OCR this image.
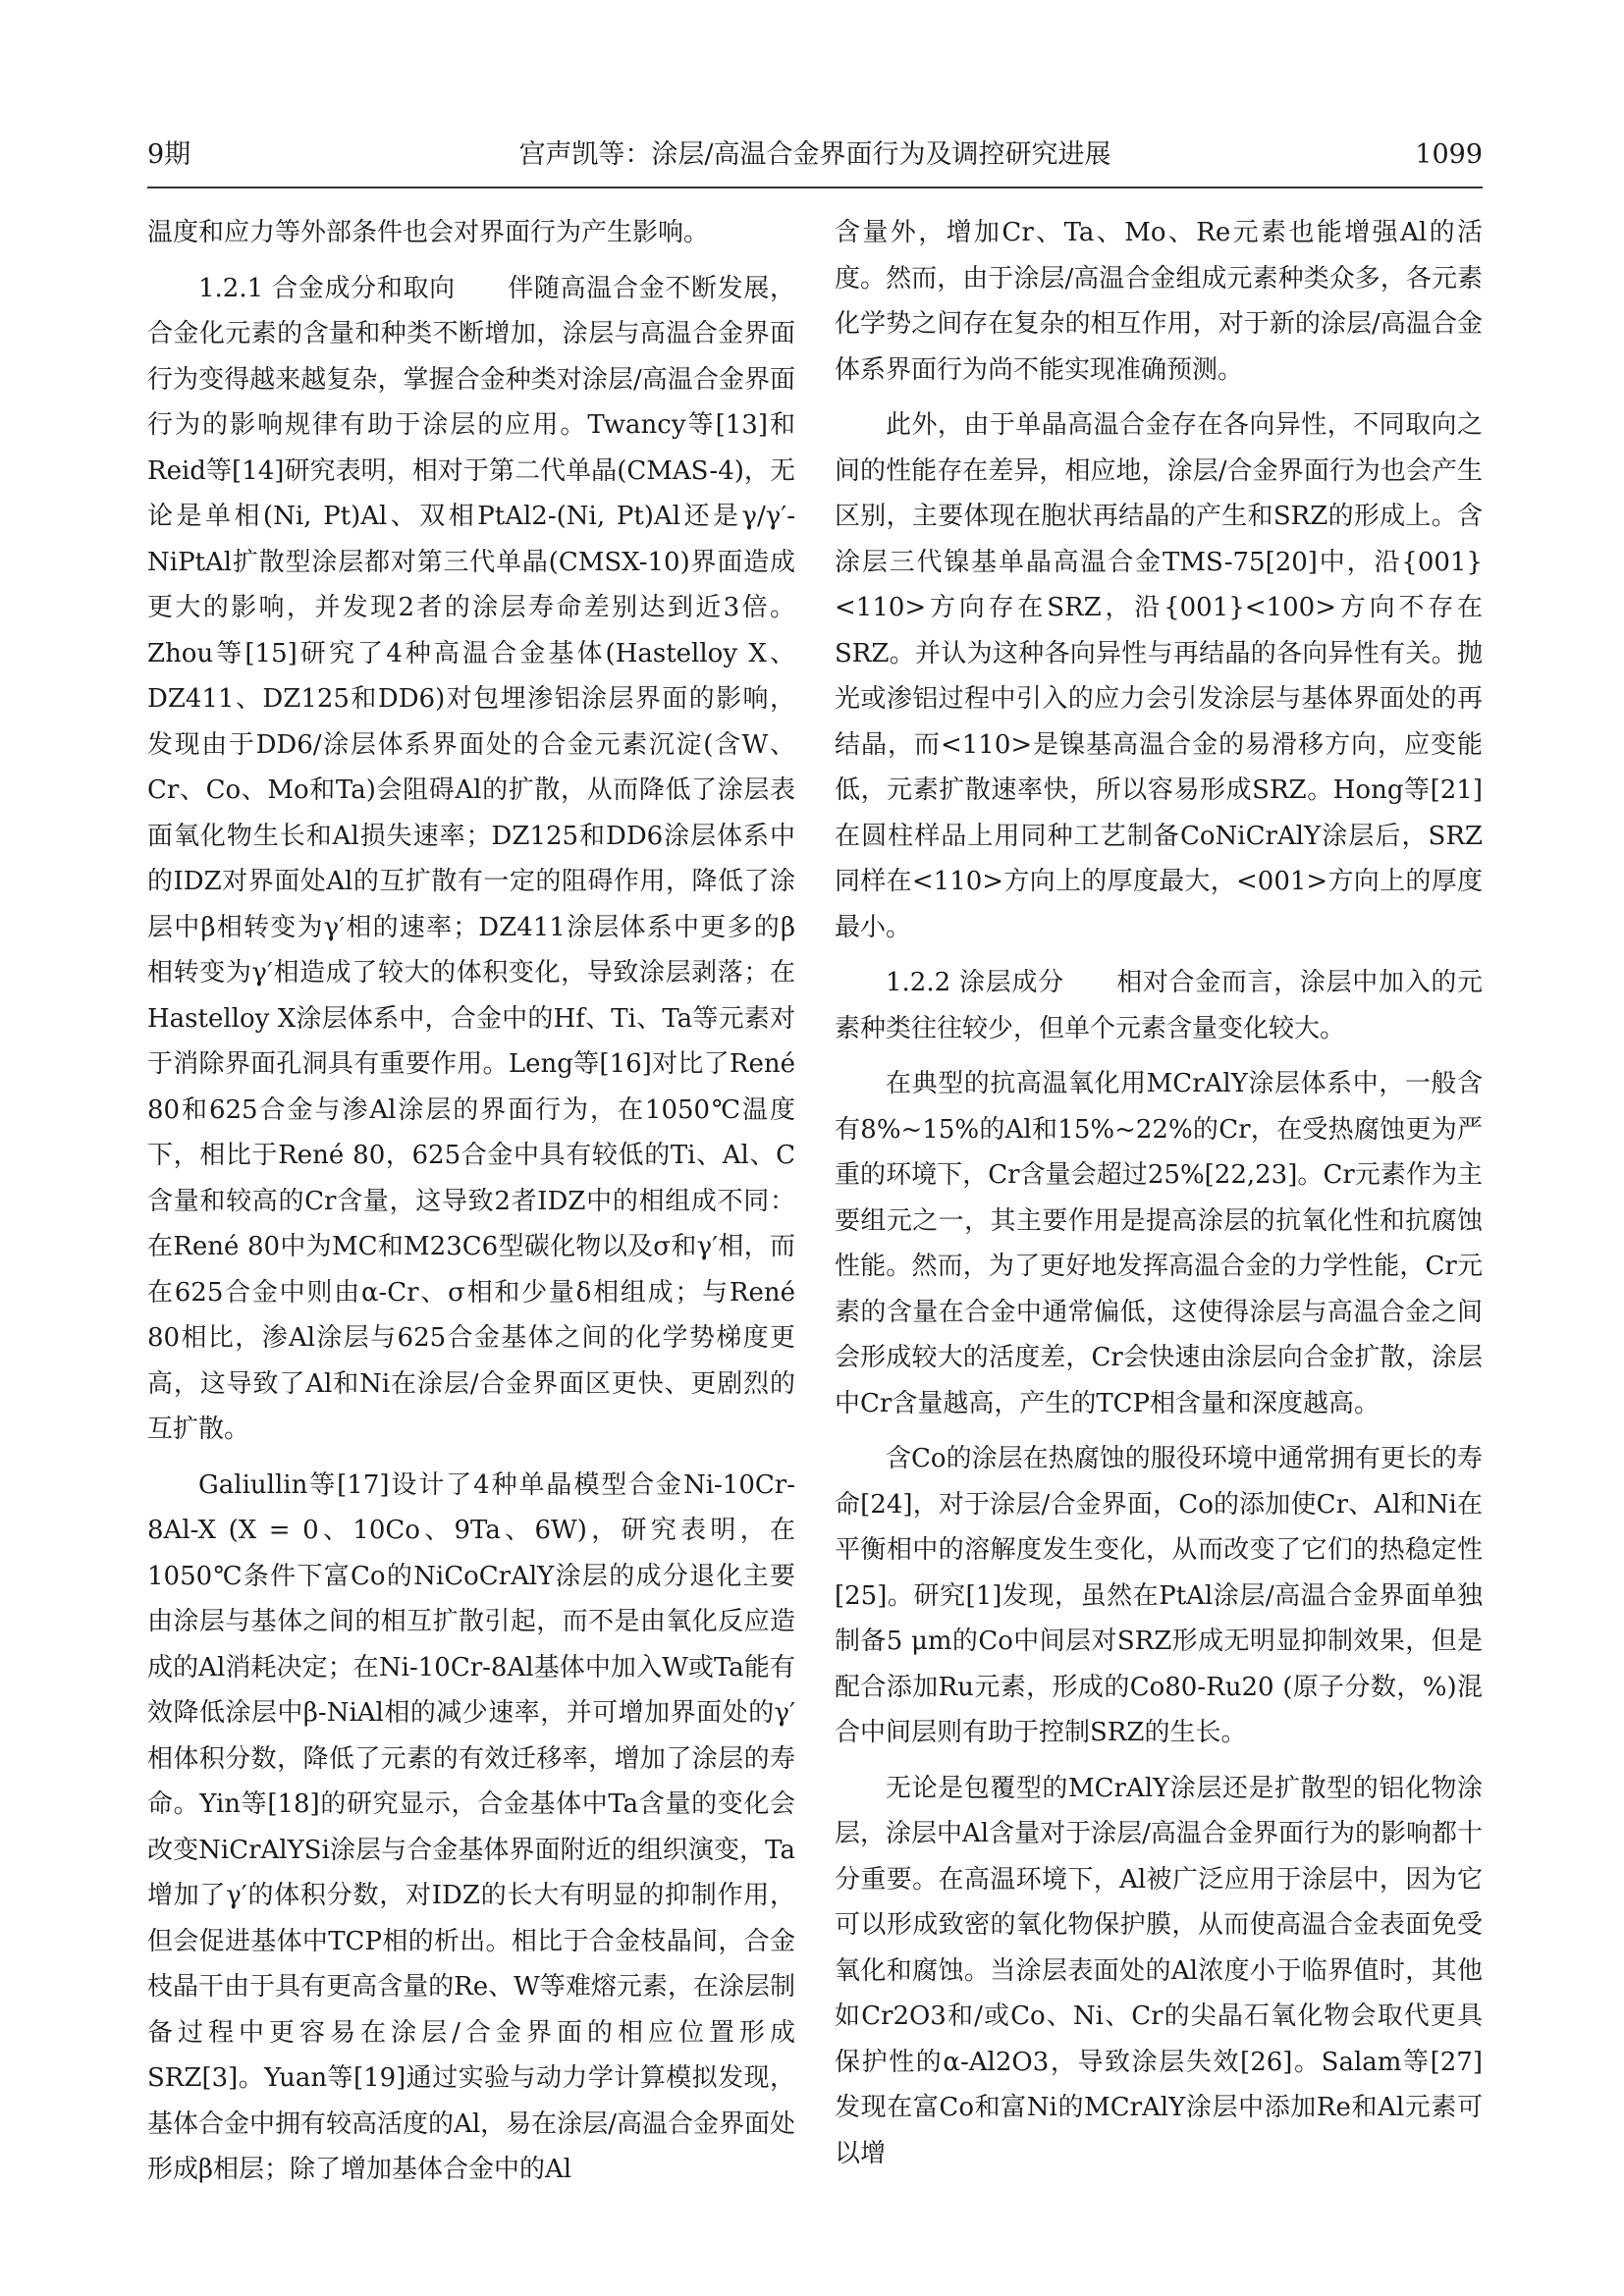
9期	宫声凯等：涂层/高温合金界面行为及调控研究进展	1099

温度和应力等外部条件也会对界面行为产生影响。

1.2.1 合金成分和取向　　伴随高温合金不断发展，合金化元素的含量和种类不断增加，涂层与高温合金界面行为变得越来越复杂，掌握合金种类对涂层/高温合金界面行为的影响规律有助于涂层的应用。Twancy等[13]和Reid等[14]研究表明，相对于第二代单晶(CMAS-4)，无论是单相(Ni, Pt)Al、双相PtAl2-(Ni, Pt)Al还是γ/γ′-NiPtAl扩散型涂层都对第三代单晶(CMSX-10)界面造成更大的影响，并发现2者的涂层寿命差别达到近3倍。Zhou等[15]研究了4种高温合金基体(Hastelloy X、DZ411、DZ125和DD6)对包埋渗铝涂层界面的影响，发现由于DD6/涂层体系界面处的合金元素沉淀(含W、Cr、Co、Mo和Ta)会阻碍Al的扩散，从而降低了涂层表面氧化物生长和Al损失速率；DZ125和DD6涂层体系中的IDZ对界面处Al的互扩散有一定的阻碍作用，降低了涂层中β相转变为γ′相的速率；DZ411涂层体系中更多的β相转变为γ′相造成了较大的体积变化，导致涂层剥落；在Hastelloy X涂层体系中，合金中的Hf、Ti、Ta等元素对于消除界面孔洞具有重要作用。Leng等[16]对比了René 80和625合金与渗Al涂层的界面行为，在1050℃温度下，相比于René 80，625合金中具有较低的Ti、Al、C含量和较高的Cr含量，这导致2者IDZ中的相组成不同：在René 80中为MC和M23C6型碳化物以及σ和γ′相，而在625合金中则由α-Cr、σ相和少量δ相组成；与René 80相比，渗Al涂层与625合金基体之间的化学势梯度更高，这导致了Al和Ni在涂层/合金界面区更快、更剧烈的互扩散。

Galiullin等[17]设计了4种单晶模型合金Ni-10Cr-8Al-X (X = 0、10Co、9Ta、6W)，研究表明，在1050℃条件下富Co的NiCoCrAlY涂层的成分退化主要由涂层与基体之间的相互扩散引起，而不是由氧化反应造成的Al消耗决定；在Ni-10Cr-8Al基体中加入W或Ta能有效降低涂层中β-NiAl相的减少速率，并可增加界面处的γ′相体积分数，降低了元素的有效迁移率，增加了涂层的寿命。Yin等[18]的研究显示，合金基体中Ta含量的变化会改变NiCrAlYSi涂层与合金基体界面附近的组织演变，Ta增加了γ′的体积分数，对IDZ的长大有明显的抑制作用，但会促进基体中TCP相的析出。相比于合金枝晶间，合金枝晶干由于具有更高含量的Re、W等难熔元素，在涂层制备过程中更容易在涂层/合金界面的相应位置形成SRZ[3]。Yuan等[19]通过实验与动力学计算模拟发现，基体合金中拥有较高活度的Al，易在涂层/高温合金界面处形成β相层；除了增加基体合金中的Al

含量外，增加Cr、Ta、Mo、Re元素也能增强Al的活度。然而，由于涂层/高温合金组成元素种类众多，各元素化学势之间存在复杂的相互作用，对于新的涂层/高温合金体系界面行为尚不能实现准确预测。

此外，由于单晶高温合金存在各向异性，不同取向之间的性能存在差异，相应地，涂层/合金界面行为也会产生区别，主要体现在胞状再结晶的产生和SRZ的形成上。含涂层三代镍基单晶高温合金TMS-75[20]中，沿{001}<110>方向存在SRZ，沿{001}<100>方向不存在SRZ。并认为这种各向异性与再结晶的各向异性有关。抛光或渗铝过程中引入的应力会引发涂层与基体界面处的再结晶，而<110>是镍基高温合金的易滑移方向，应变能低，元素扩散速率快，所以容易形成SRZ。Hong等[21]在圆柱样品上用同种工艺制备CoNiCrAlY涂层后，SRZ同样在<110>方向上的厚度最大，<001>方向上的厚度最小。

1.2.2 涂层成分　　相对合金而言，涂层中加入的元素种类往往较少，但单个元素含量变化较大。

在典型的抗高温氧化用MCrAlY涂层体系中，一般含有8%~15%的Al和15%~22%的Cr，在受热腐蚀更为严重的环境下，Cr含量会超过25%[22,23]。Cr元素作为主要组元之一，其主要作用是提高涂层的抗氧化性和抗腐蚀性能。然而，为了更好地发挥高温合金的力学性能，Cr元素的含量在合金中通常偏低，这使得涂层与高温合金之间会形成较大的活度差，Cr会快速由涂层向合金扩散，涂层中Cr含量越高，产生的TCP相含量和深度越高。

含Co的涂层在热腐蚀的服役环境中通常拥有更长的寿命[24]，对于涂层/合金界面，Co的添加使Cr、Al和Ni在平衡相中的溶解度发生变化，从而改变了它们的热稳定性[25]。研究[1]发现，虽然在PtAl涂层/高温合金界面单独制备5 μm的Co中间层对SRZ形成无明显抑制效果，但是配合添加Ru元素，形成的Co80-Ru20 (原子分数，%)混合中间层则有助于控制SRZ的生长。

无论是包覆型的MCrAlY涂层还是扩散型的铝化物涂层，涂层中Al含量对于涂层/高温合金界面行为的影响都十分重要。在高温环境下，Al被广泛应用于涂层中，因为它可以形成致密的氧化物保护膜，从而使高温合金表面免受氧化和腐蚀。当涂层表面处的Al浓度小于临界值时，其他如Cr2O3和/或Co、Ni、Cr的尖晶石氧化物会取代更具保护性的α-Al2O3，导致涂层失效[26]。Salam等[27]发现在富Co和富Ni的MCrAlY涂层中添加Re和Al元素可以增
